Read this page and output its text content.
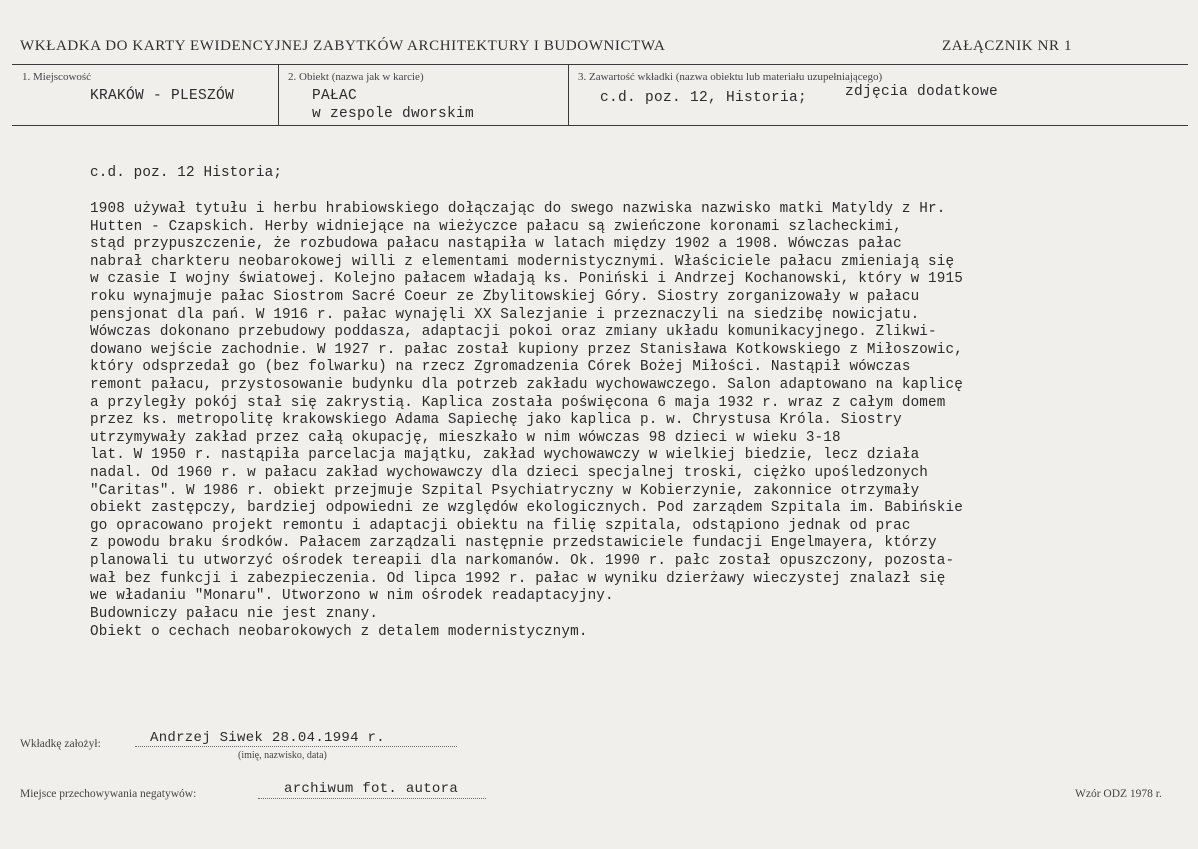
WKŁADKA DO KARTY EWIDENCYJNEJ ZABYTKÓW ARCHITEKTURY I BUDOWNICTWA	ZAŁĄCZNIK NR 1
1. Miejscowość
KRAKÓW - PLESZÓW
2. Obiekt (nazwa jak w karcie)
PAŁAC
w zespole dworskim
3. Zawartość wkładki (nazwa obiektu lub materiału uzupełniającego)
c.d. poz. 12, Historia;	zdjęcia dodatkowe
c.d. poz. 12 Historia;
1908 używał tytułu i herbu hrabiowskiego dołączając do swego nazwiska nazwisko matki Matyldy z Hr.
Hutten - Czapskich. Herby widniejące na wieżyczce pałacu są zwieńczone koronami szlacheckimi,
stąd przypuszczenie, że rozbudowa pałacu nastąpiła w latach między 1902 a 1908. Wówczas pałac
nabrał charkteru neobarokowej willi z elementami modernistycznymi. Właściciele pałacu zmieniają się
w czasie I wojny światowej. Kolejno pałacem władają ks. Poniński i Andrzej Kochanowski, który w 1915
roku wynajmuje pałac Siostrom Sacré Coeur ze Zbylitowskiej Góry. Siostry zorganizowały w pałacu
pensjonat dla pań. W 1916 r. pałac wynajęli XX Salezjanie i przeznaczyli na siedzibę nowicjatu.
Wówczas dokonano przebudowy poddasza, adaptacji pokoi oraz zmiany układu komunikacyjnego. Zlikwi-
dowano wejście zachodnie. W 1927 r. pałac został kupiony przez Stanisława Kotkowskiego z Miłoszowic,
który odsprzedał go (bez folwarku) na rzecz Zgromadzenia Córek Bożej Miłości. Nastąpił wówczas
remont pałacu, przystosowanie budynku dla potrzeb zakładu wychowawczego. Salon adaptowano na kaplicę
a przyległy pokój stał się zakrystią. Kaplica została poświęcona 6 maja 1932 r. wraz z całym domem
przez ks. metropolitę krakowskiego Adama Sapiechę jako kaplica p. w. Chrystusa Króla. Siostry
utrzymywały zakład przez całą okupację, mieszkało w nim wówczas 98 dzieci w wieku 3-18
lat. W 1950 r. nastąpiła parcelacja majątku, zakład wychowawczy w wielkiej biedzie, lecz działa
nadal. Od 1960 r. w pałacu zakład wychowawczy dla dzieci specjalnej troski, ciężko upośledzonych
"Caritas". W 1986 r. obiekt przejmuje Szpital Psychiatryczny w Kobierzynie, zakonnice otrzymały
obiekt zastępczy, bardziej odpowiedni ze względów ekologicznych. Pod zarządem Szpitala im. Babińskie
go opracowano projekt remontu i adaptacji obiektu na filię szpitala, odstąpiono jednak od prac
z powodu braku środków. Pałacem zarządzali następnie przedstawiciele fundacji Engelmayera, którzy
planowali tu utworzyć ośrodek tereapii dla narkomanów. Ok. 1990 r. pałc został opuszczony, pozosta-
wał bez funkcji i zabezpieczenia. Od lipca 1992 r. pałac w wyniku dzierżawy wieczystej znalazł się
we władaniu "Monaru". Utworzono w nim ośrodek readaptacyjny.
Budowniczy pałacu nie jest znany.
Obiekt o cechach neobarokowych z detalem modernistycznym.
Wkładkę założył:	Andrzej Siwek 28.04.1994 r.
(imię, nazwisko, data)
Miejsce przechowywania negatywów:	archiwum fot. autora	Wzór ODZ 1978 r.
